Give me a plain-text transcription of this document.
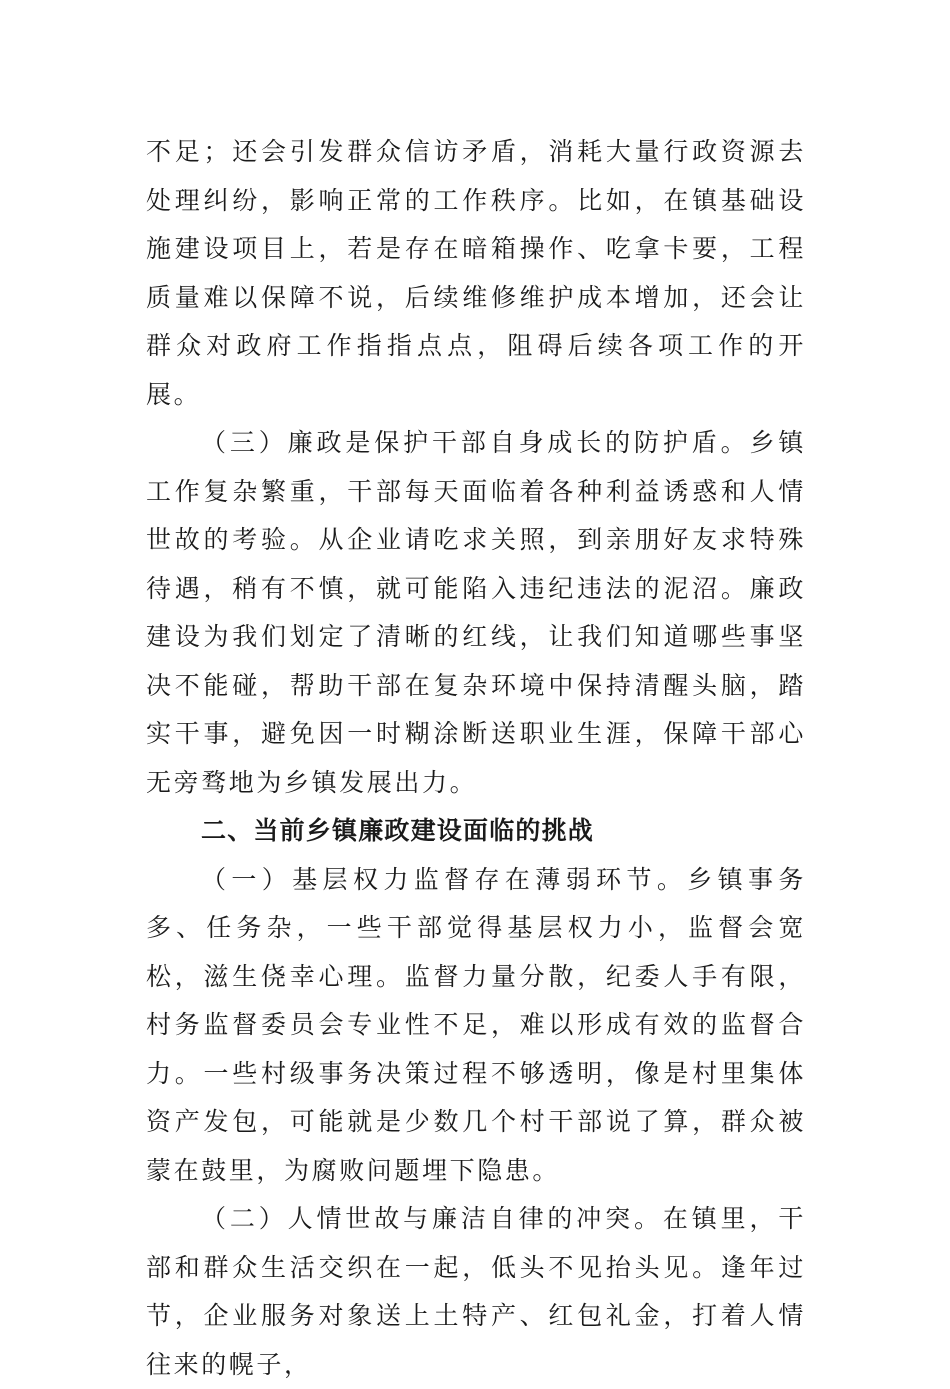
不足；还会引发群众信访矛盾，消耗大量行政资源去处理纠纷，影响正常的工作秩序。比如，在镇基础设施建设项目上，若是存在暗箱操作、吃拿卡要，工程质量难以保障不说，后续维修维护成本增加，还会让群众对政府工作指指点点，阻碍后续各项工作的开展。

（三）廉政是保护干部自身成长的防护盾。乡镇工作复杂繁重，干部每天面临着各种利益诱惑和人情世故的考验。从企业请吃求关照，到亲朋好友求特殊待遇，稍有不慎，就可能陷入违纪违法的泥沼。廉政建设为我们划定了清晰的红线，让我们知道哪些事坚决不能碰，帮助干部在复杂环境中保持清醒头脑，踏实干事，避免因一时糊涂断送职业生涯，保障干部心无旁骛地为乡镇发展出力。

二、当前乡镇廉政建设面临的挑战

（一）基层权力监督存在薄弱环节。乡镇事务多、任务杂，一些干部觉得基层权力小，监督会宽松，滋生侥幸心理。监督力量分散，纪委人手有限，村务监督委员会专业性不足，难以形成有效的监督合力。一些村级事务决策过程不够透明，像是村里集体资产发包，可能就是少数几个村干部说了算，群众被蒙在鼓里，为腐败问题埋下隐患。

（二）人情世故与廉洁自律的冲突。在镇里，干部和群众生活交织在一起，低头不见抬头见。逢年过节，企业服务对象送上土特产、红包礼金，打着人情往来的幌子，
